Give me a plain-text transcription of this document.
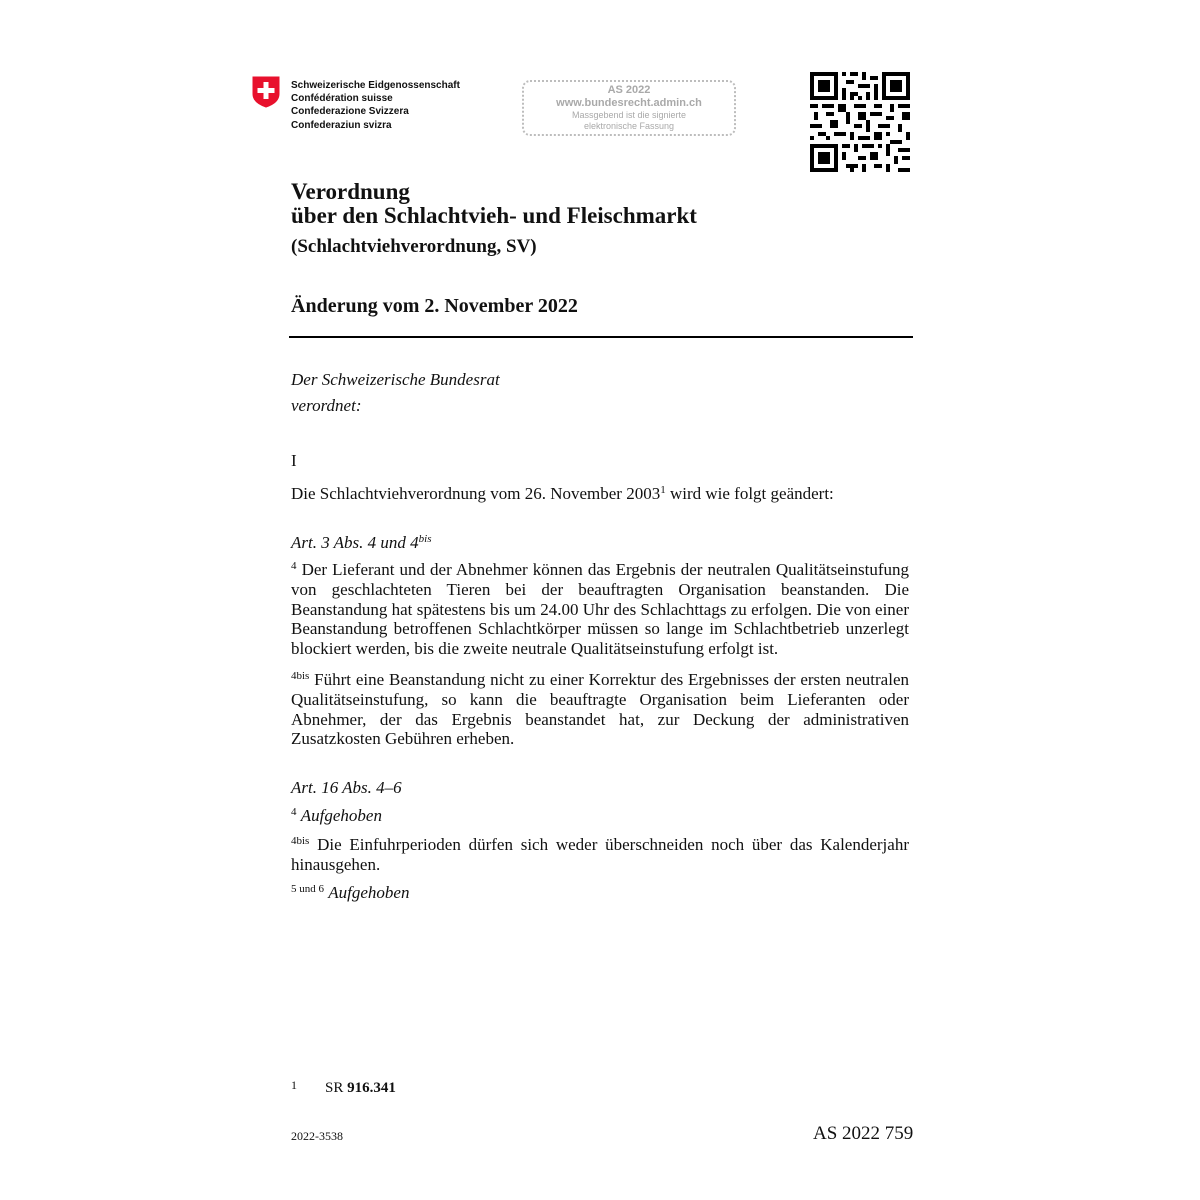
Schweizerische Eidgenossenschaft
Confédération suisse
Confederazione Svizzera
Confederaziun svizra
AS 2022
www.bundesrecht.admin.ch
Massgebend ist die signierte
elektronische Fassung
Verordnung
über den Schlachtvieh- und Fleischmarkt
(Schlachtviehverordnung, SV)
Änderung vom 2. November 2022
Der Schweizerische Bundesrat
verordnet:
I
Die Schlachtviehverordnung vom 26. November 2003$^1$ wird wie folgt geändert:
Art. 3 Abs. 4 und $4^{bis}$
$^4$ Der Lieferant und der Abnehmer können das Ergebnis der neutralen Qualitätseinstufung von geschlachteten Tieren bei der beauftragten Organisation beanstanden. Die Beanstandung hat spätestens bis um 24.00 Uhr des Schlachttags zu erfolgen. Die von einer Beanstandung betroffenen Schlachtkörper müssen so lange im Schlachtbetrieb unzerlegt blockiert werden, bis die zweite neutrale Qualitätseinstufung erfolgt ist.
$^{4bis}$ Führt eine Beanstandung nicht zu einer Korrektur des Ergebnisses der ersten neutralen Qualitätseinstufung, so kann die beauftragte Organisation beim Lieferanten oder Abnehmer, der das Ergebnis beanstandet hat, zur Deckung der administrativen Zusatzkosten Gebühren erheben.
Art. 16 Abs. 4–6
$^4$ Aufgehoben
$^{4bis}$ Die Einfuhrperioden dürfen sich weder überschneiden noch über das Kalenderjahr hinausgehen.
$^{5 und 6}$ Aufgehoben
1 SR 916.341
2022-3538	AS 2022 759
